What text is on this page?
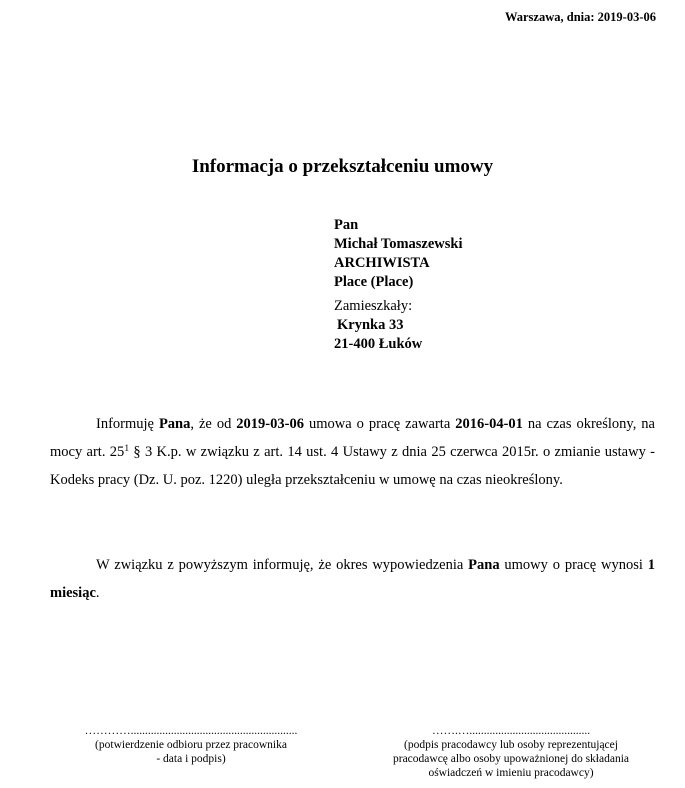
Warszawa, dnia: 2019-03-06
Informacja o przekształceniu umowy
Pan
Michał Tomaszewski
ARCHIWISTA
Place (Place)
Zamieszkały:
Krynka 33
21-400 Łuków
Informuję Pana, że od 2019-03-06 umowa o pracę zawarta 2016-04-01 na czas określony, na mocy art. $25^1$ § 3 K.p. w związku z art. 14 ust. 4 Ustawy z dnia 25 czerwca 2015r. o zmianie ustawy - Kodeks pracy (Dz. U. poz. 1220) uległa przekształceniu w umowę na czas nieokreślony.
W związku z powyższym informuję, że okres wypowiedzenia Pana umowy o pracę wynosi 1 miesiąc.
…………..........................................................
(potwierdzenie odbioru przez pracownika
- data i podpis)
…….…..........................................
(podpis pracodawcy lub osoby reprezentującej
pracodawcę albo osoby upoważnionej do składania
oświadczeń w imieniu pracodawcy)
